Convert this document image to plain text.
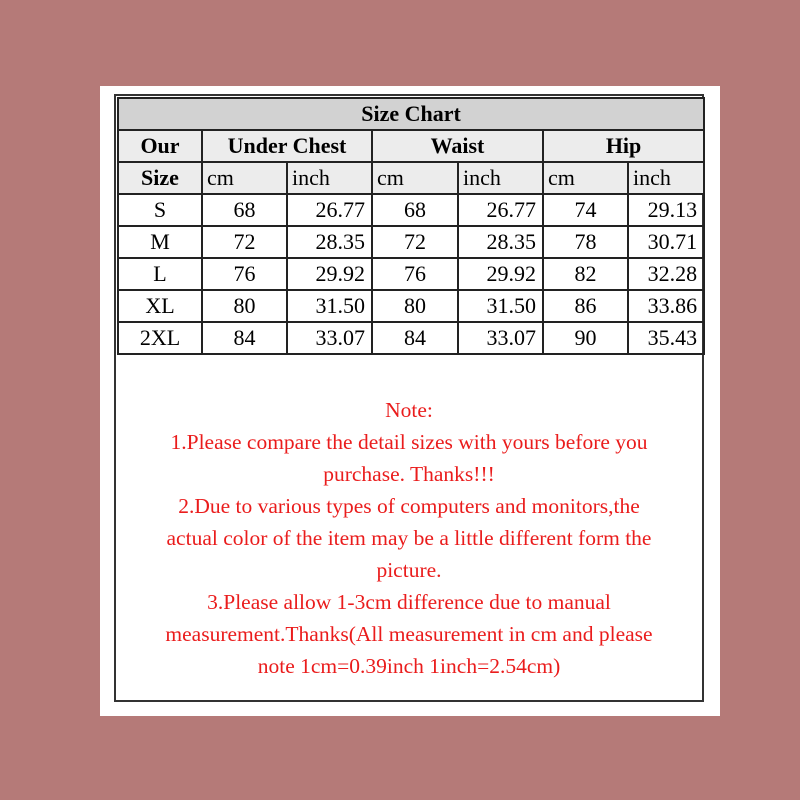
Size Chart						
Our	Under Chest		Waist		Hip	
Size	cm	inch	cm	inch	cm	inch
S	68	26.77	68	26.77	74	29.13
M	72	28.35	72	28.35	78	30.71
L	76	29.92	76	29.92	82	32.28
XL	80	31.50	80	31.50	86	33.86
2XL	84	33.07	84	33.07	90	35.43

Note:

1.Please compare the detail sizes with yours before you

purchase. Thanks!!!

2.Due to various types of computers and monitors,the

actual color of the item may be a little different form the

picture.

3.Please allow 1-3cm difference due to manual

measurement.Thanks(All measurement in cm and please

note 1cm=0.39inch 1inch=2.54cm)
